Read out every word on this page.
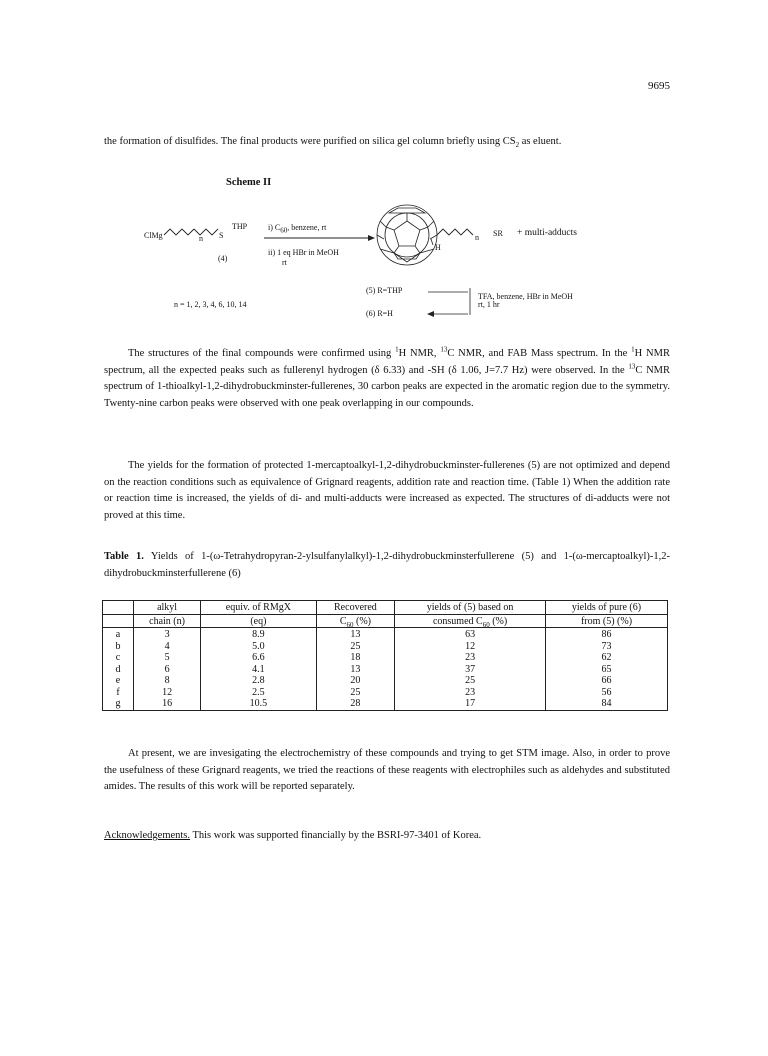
9695

the formation of disulfides. The final products were purified on silica gel column briefly using $CS_2$ as eluent.

Scheme II
ClMg	n S
THP
(4)
i) $C_{60}$, benzene, rt
ii) 1 eq HBr in MeOH
rt
n SR
H
+ multi-adducts
(5) R=THP
(6) R=H
TFA, benzene, HBr in MeOH
rt, 1 hr
n = 1, 2, 3, 4, 6, 10, 14

The structures of the final compounds were confirmed using $^1$H NMR, $^{13}$C NMR, and FAB Mass spectrum. In the $^1$H NMR spectrum, all the expected peaks such as fullerenyl hydrogen (δ 6.33) and -SH (δ 1.06, J=7.7 Hz) were observed. In the $^{13}$C NMR spectrum of 1-thioalkyl-1,2-dihydrobuckminster-fullerenes, 30 carbon peaks are expected in the aromatic region due to the symmetry. Twenty-nine carbon peaks were observed with one peak overlapping in our compounds.

The yields for the formation of protected 1-mercaptoalkyl-1,2-dihydrobuckminster-fullerenes (5) are not optimized and depend on the reaction conditions such as equivalence of Grignard reagents, addition rate and reaction time. (Table 1) When the addition rate or reaction time is increased, the yields of di- and multi-adducts were increased as expected. The structures of di-adducts were not proved at this time.

Table 1. Yields of 1-(ω-Tetrahydropyran-2-ylsulfanylalkyl)-1,2-dihydrobuckminsterfullerene (5) and 1-(ω-mercaptoalkyl)-1,2-dihydrobuckminsterfullerene (6)

	alkyl	equiv. of RMgX	Recovered	yields of (5) based on	yields of pure (6)
	chain (n)	(eq)	$C_{60}$ (%)	consumed $C_{60}$ (%)	from (5) (%)
a	3	8.9	13	63	86
b	4	5.0	25	12	73
c	5	6.6	18	23	62
d	6	4.1	13	37	65
e	8	2.8	20	25	66
f	12	2.5	25	23	56
g	16	10.5	28	17	84

At present, we are invesigating the electrochemistry of these compounds and trying to get STM image. Also, in order to prove the usefulness of these Grignard reagents, we tried the reactions of these reagents with electrophiles such as aldehydes and substituted amides. The results of this work will be reported separately.

Acknowledgements. This work was supported financially by the BSRI-97-3401 of Korea.
